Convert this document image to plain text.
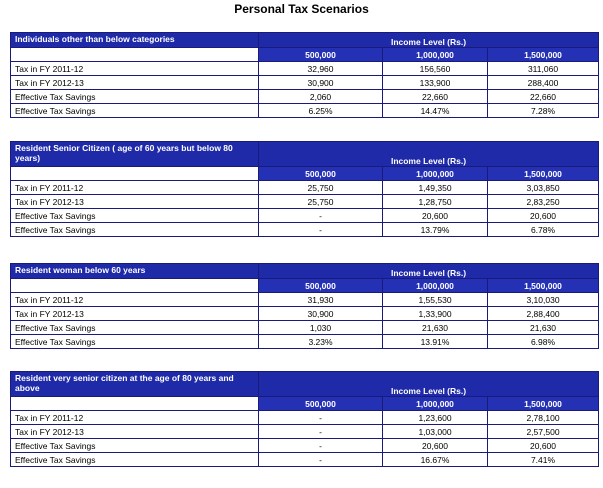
Personal Tax Scenarios
Individuals other than below categories	Income Level (Rs.)		
	500,000	1,000,000	1,500,000
Tax in FY 2011-12	32,960	156,560	311,060
Tax in FY 2012-13	30,900	133,900	288,400
Effective Tax Savings	2,060	22,660	22,660
Effective Tax Savings	6.25%	14.47%	7.28%
Resident Senior Citizen ( age of 60 years but below 80 years)	Income Level (Rs.)		
	500,000	1,000,000	1,500,000
Tax in FY 2011-12	25,750	1,49,350	3,03,850
Tax in FY 2012-13	25,750	1,28,750	2,83,250
Effective Tax Savings	-	20,600	20,600
Effective Tax Savings	-	13.79%	6.78%
Resident woman below 60 years	Income Level (Rs.)		
	500,000	1,000,000	1,500,000
Tax in FY 2011-12	31,930	1,55,530	3,10,030
Tax in FY 2012-13	30,900	1,33,900	2,88,400
Effective Tax Savings	1,030	21,630	21,630
Effective Tax Savings	3.23%	13.91%	6.98%
Resident very senior citizen at the age of 80 years and above	Income Level (Rs.)		
	500,000	1,000,000	1,500,000
Tax in FY 2011-12	-	1,23,600	2,78,100
Tax in FY 2012-13	-	1,03,000	2,57,500
Effective Tax Savings	-	20,600	20,600
Effective Tax Savings	-	16.67%	7.41%
